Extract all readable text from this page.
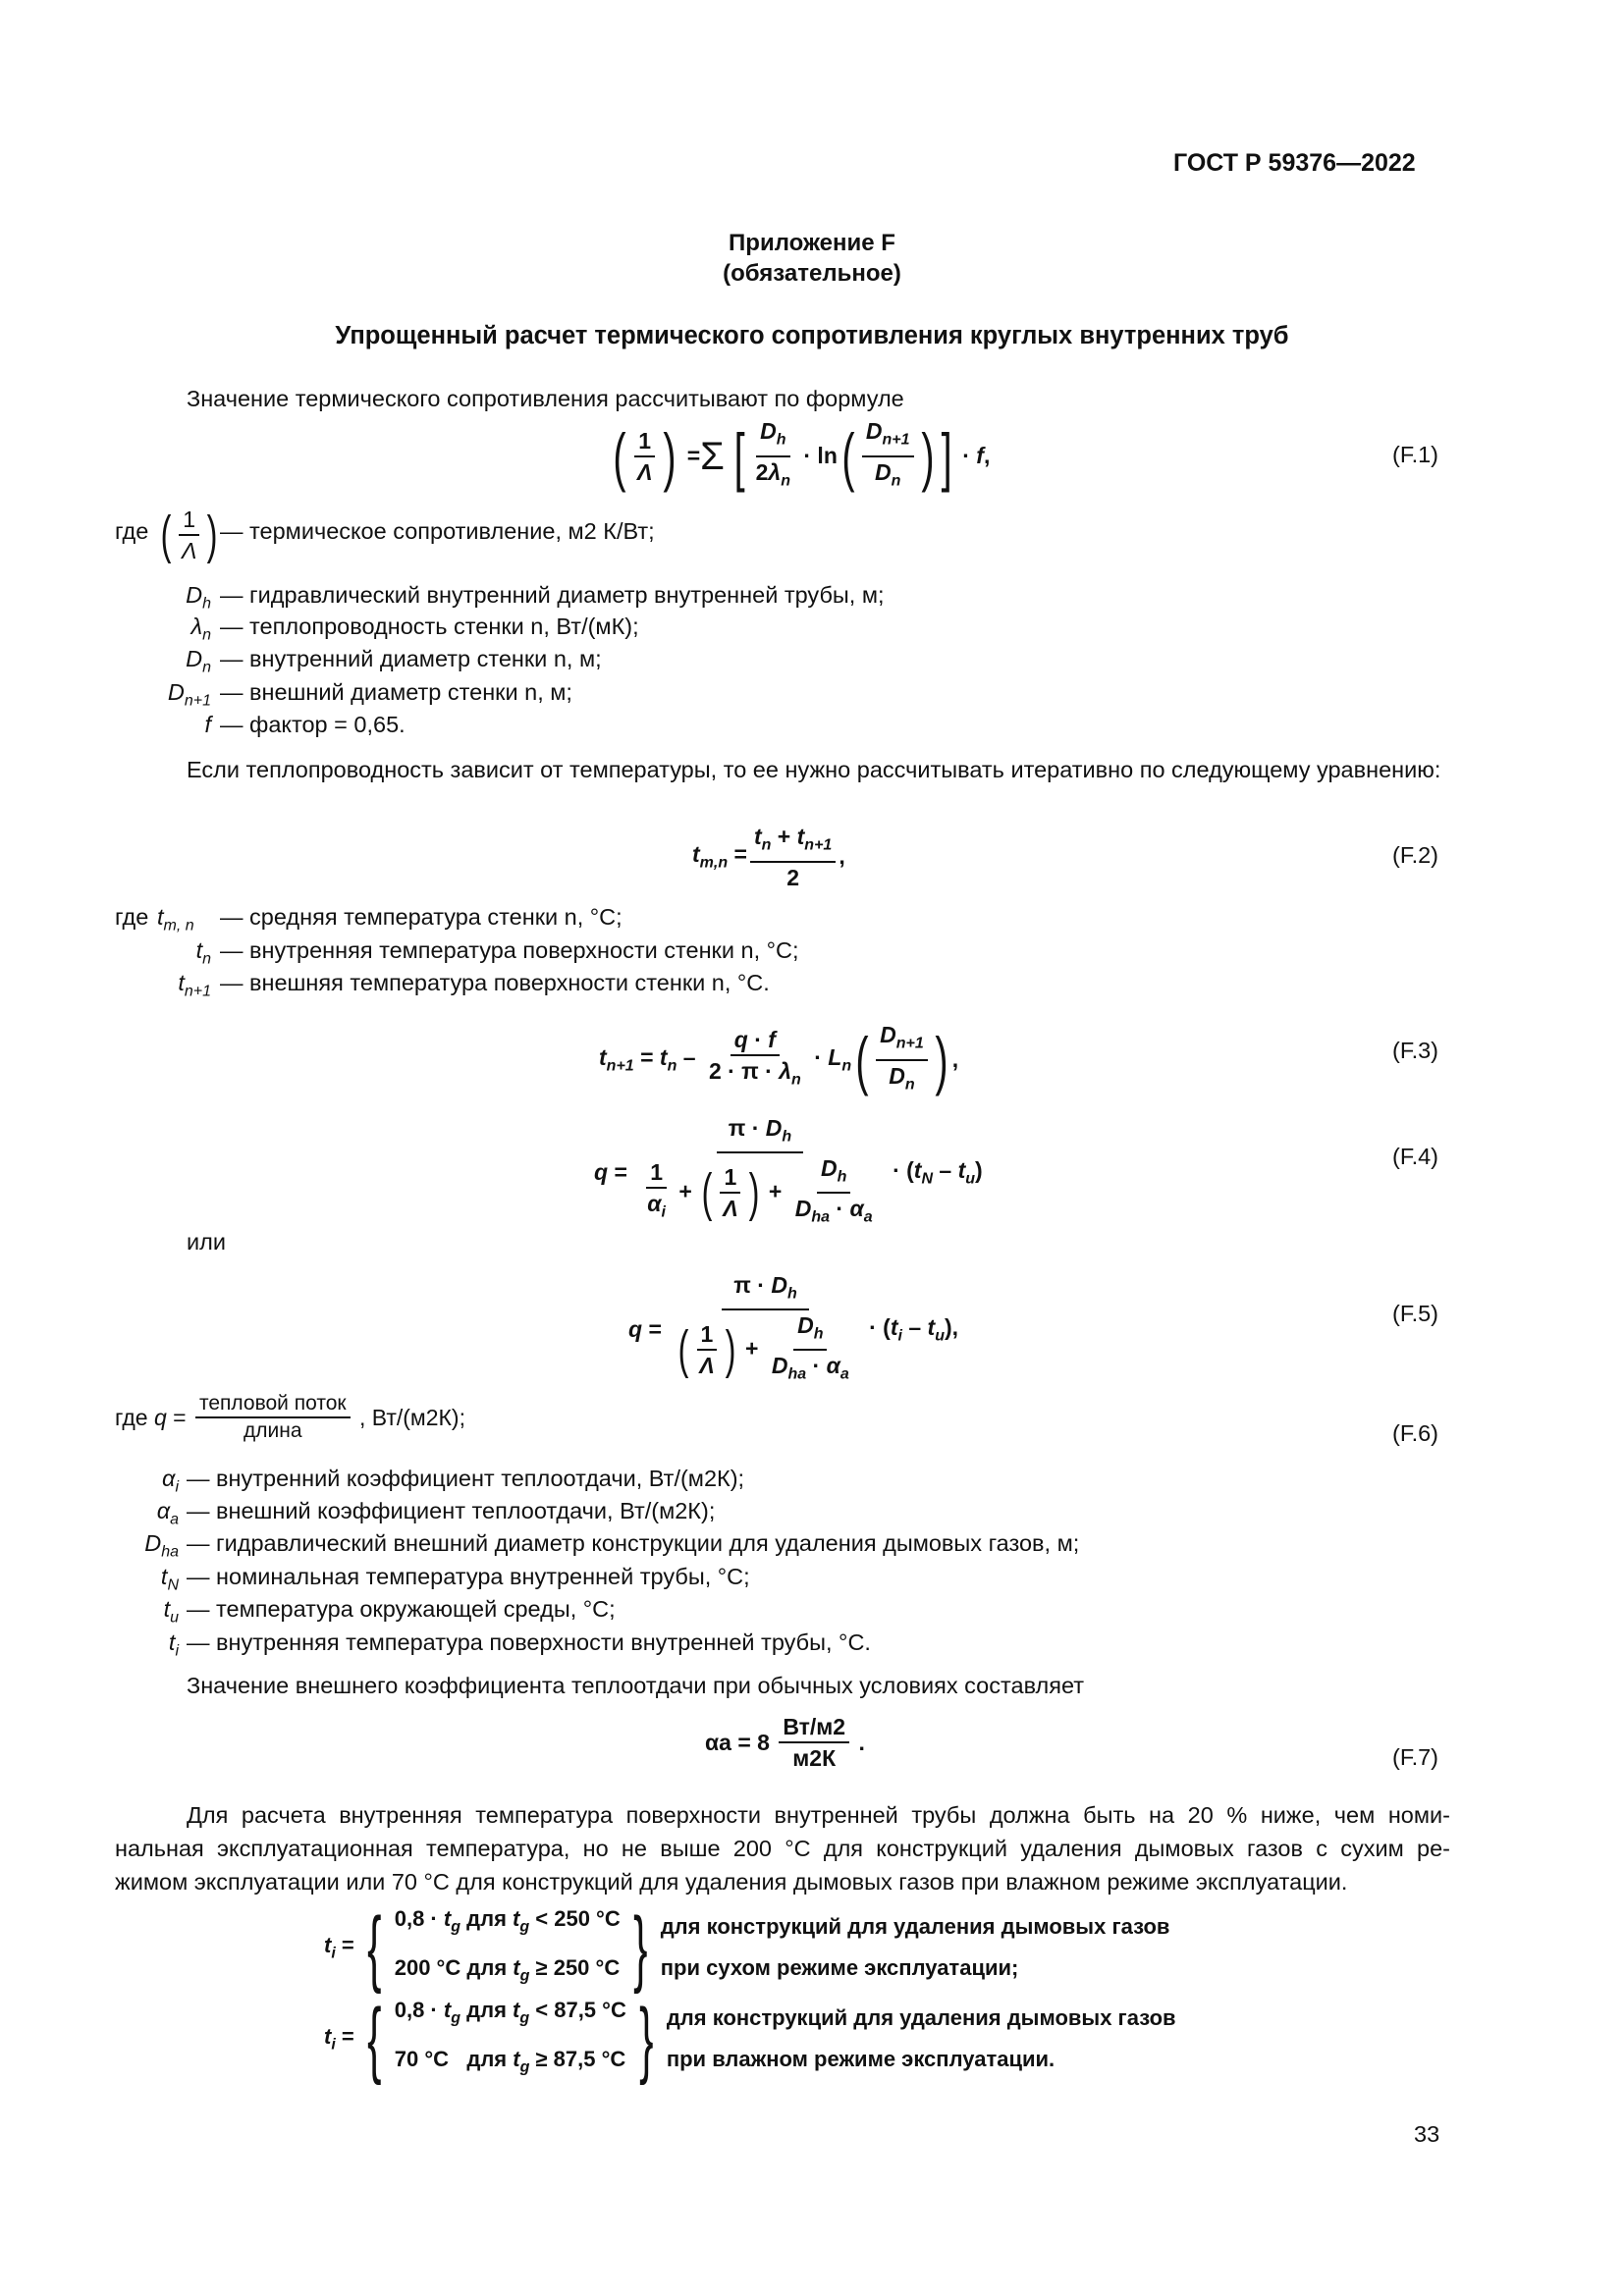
ГОСТ Р 59376—2022
Приложение F
(обязательное)
Упрощенный расчет термического сопротивления круглых внутренних труб
Значение термического сопротивления рассчитывают по формуле
( $\frac{1}{\Lambda}$ ) =Σ [ $\frac{D_h}{2\lambda_n} \cdot \ln( \frac{D_{n+1}}{D_n}$ ) ] · f,	(F.1)
где ( $\frac{1}{\Lambda}$ ) — термическое сопротивление, м2 К/Вт;
$D_h$ — гидравлический внутренний диаметр внутренней трубы, м;
$\lambda_n$ — теплопроводность стенки n, Вт/(мК);
$D_n$ — внутренний диаметр стенки n, м;
$D_{n+1}$ — внешний диаметр стенки n, м;
f — фактор = 0,65.

Если теплопроводность зависит от температуры, то ее нужно рассчитывать итеративно по следующему уравнению:

$t_{m,n} = \frac{t_n + t_{n+1}}{2}$ ,	(F.2)
где $t_{m, n}$	— средняя температура стенки n, °C;
$t_n$ — внутренняя температура поверхности стенки n, °C;
$t_{n+1}$ — внешняя температура поверхности стенки n, °C.
$t_{n+1} = t_n - \frac{q \cdot f}{2 \cdot \pi \cdot \lambda_n} \cdot L_n( \frac{D_{n+1}}{D_n}$ ) ,	(F.3)
$q = \frac{\pi \cdot D_h}{\frac{1}{\alpha_i} + ( \frac{1}{\Lambda} ) + \frac{D_h}{D_{ha} \cdot \alpha_a}} \cdot (t_N - t_u)$
(F.4)
или
$q = \frac{\pi \cdot D_h}{( \frac{1}{\Lambda} ) + \frac{D_h}{D_{ha} \cdot \alpha_a}} \cdot (t_i - t_u)$,
(F.5)
где $q = \frac{\text{тепловой поток}}{\text{длина}}$ , Вт/(м2К);
(F.6)
$\alpha_i$ — внутренний коэффициент теплоотдачи, Вт/(м2К);
$\alpha_a$ — внешний коэффициент теплоотдачи, Вт/(м2К);
$D_{ha}$ — гидравлический внешний диаметр конструкции для удаления дымовых газов, м;
$t_N$ — номинальная температура внутренней трубы, °C;
$t_u$ — температура окружающей среды, °C;
$t_i$ — внутренняя температура поверхности внутренней трубы, °C.
Значение внешнего коэффициента теплоотдачи при обычных условиях составляет
$\alpha a = 8 \frac{Вт/м2}{м2К}$ .
(F.7)

Для расчета внутренняя температура поверхности внутренней трубы должна быть на 20 % ниже, чем номи-

нальная эксплуатационная температура, но не выше 200 °C для конструкций удаления дымовых газов с сухим ре-

жимом эксплуатации или 70 °C для конструкций для удаления дымовых газов при влажном режиме эксплуатации.

$t_i$ = { $0,8 \cdot t_g$ для $t_g < 250$ °C
200 °C для $t_g \ge 250$ °C } для конструкций для удаления дымовых газов
при сухом режиме эксплуатации;
$t_i$ = { $0,8 \cdot t_g$ для $t_g < 87,5$ °C
70 °C для $t_g \ge 87,5$ °C } для конструкций для удаления дымовых газов
при влажном режиме эксплуатации.
33
